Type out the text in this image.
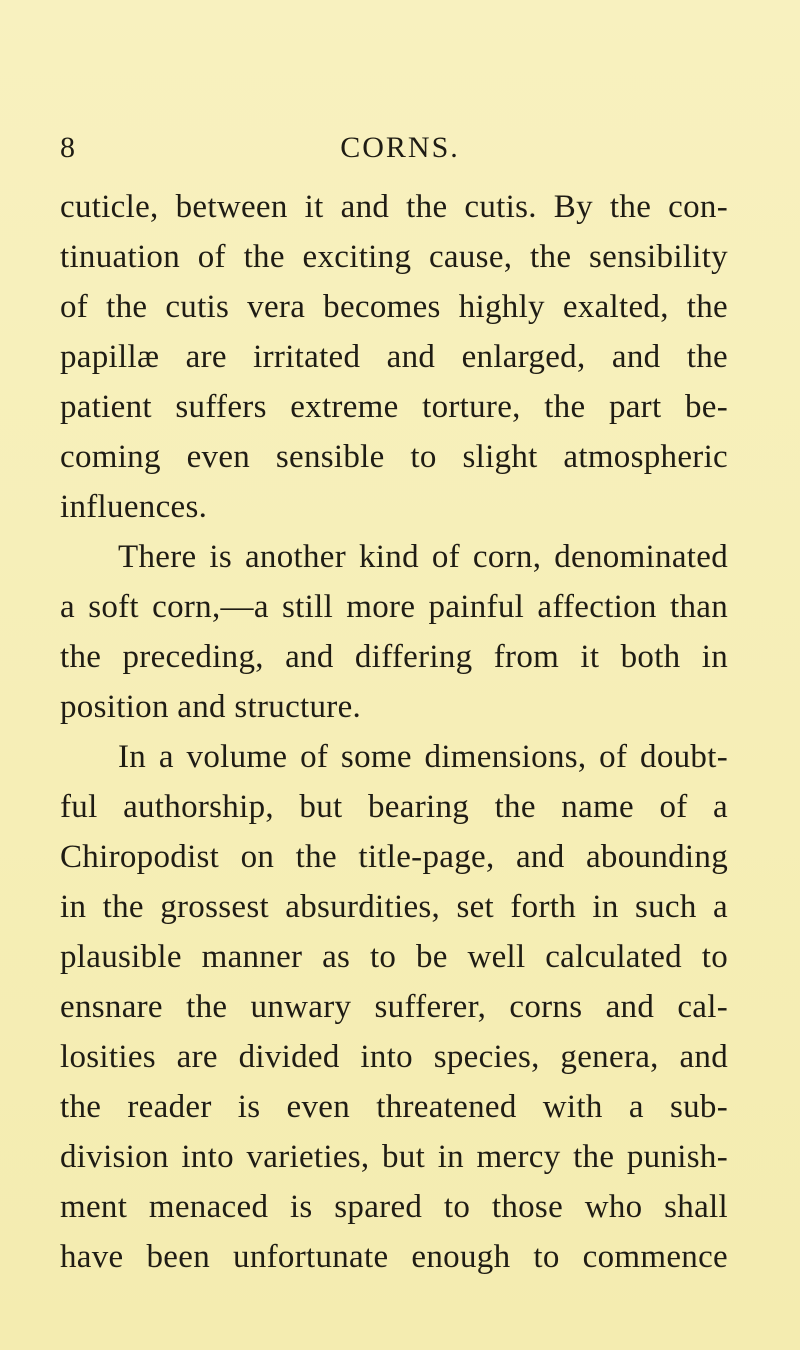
8	CORNS.
cuticle, between it and the cutis. By the con-
tinuation of the exciting cause, the sensibility
of the cutis vera becomes highly exalted, the
papillæ are irritated and enlarged, and the
patient suffers extreme torture, the part be-
coming even sensible to slight atmospheric
influences.
There is another kind of corn, denominated
a soft corn,—a still more painful affection than
the preceding, and differing from it both in
position and structure.
In a volume of some dimensions, of doubt-
ful authorship, but bearing the name of a
Chiropodist on the title-page, and abounding
in the grossest absurdities, set forth in such a
plausible manner as to be well calculated to
ensnare the unwary sufferer, corns and cal-
losities are divided into species, genera, and
the reader is even threatened with a sub-
division into varieties, but in mercy the punish-
ment menaced is spared to those who shall
have been unfortunate enough to commence
